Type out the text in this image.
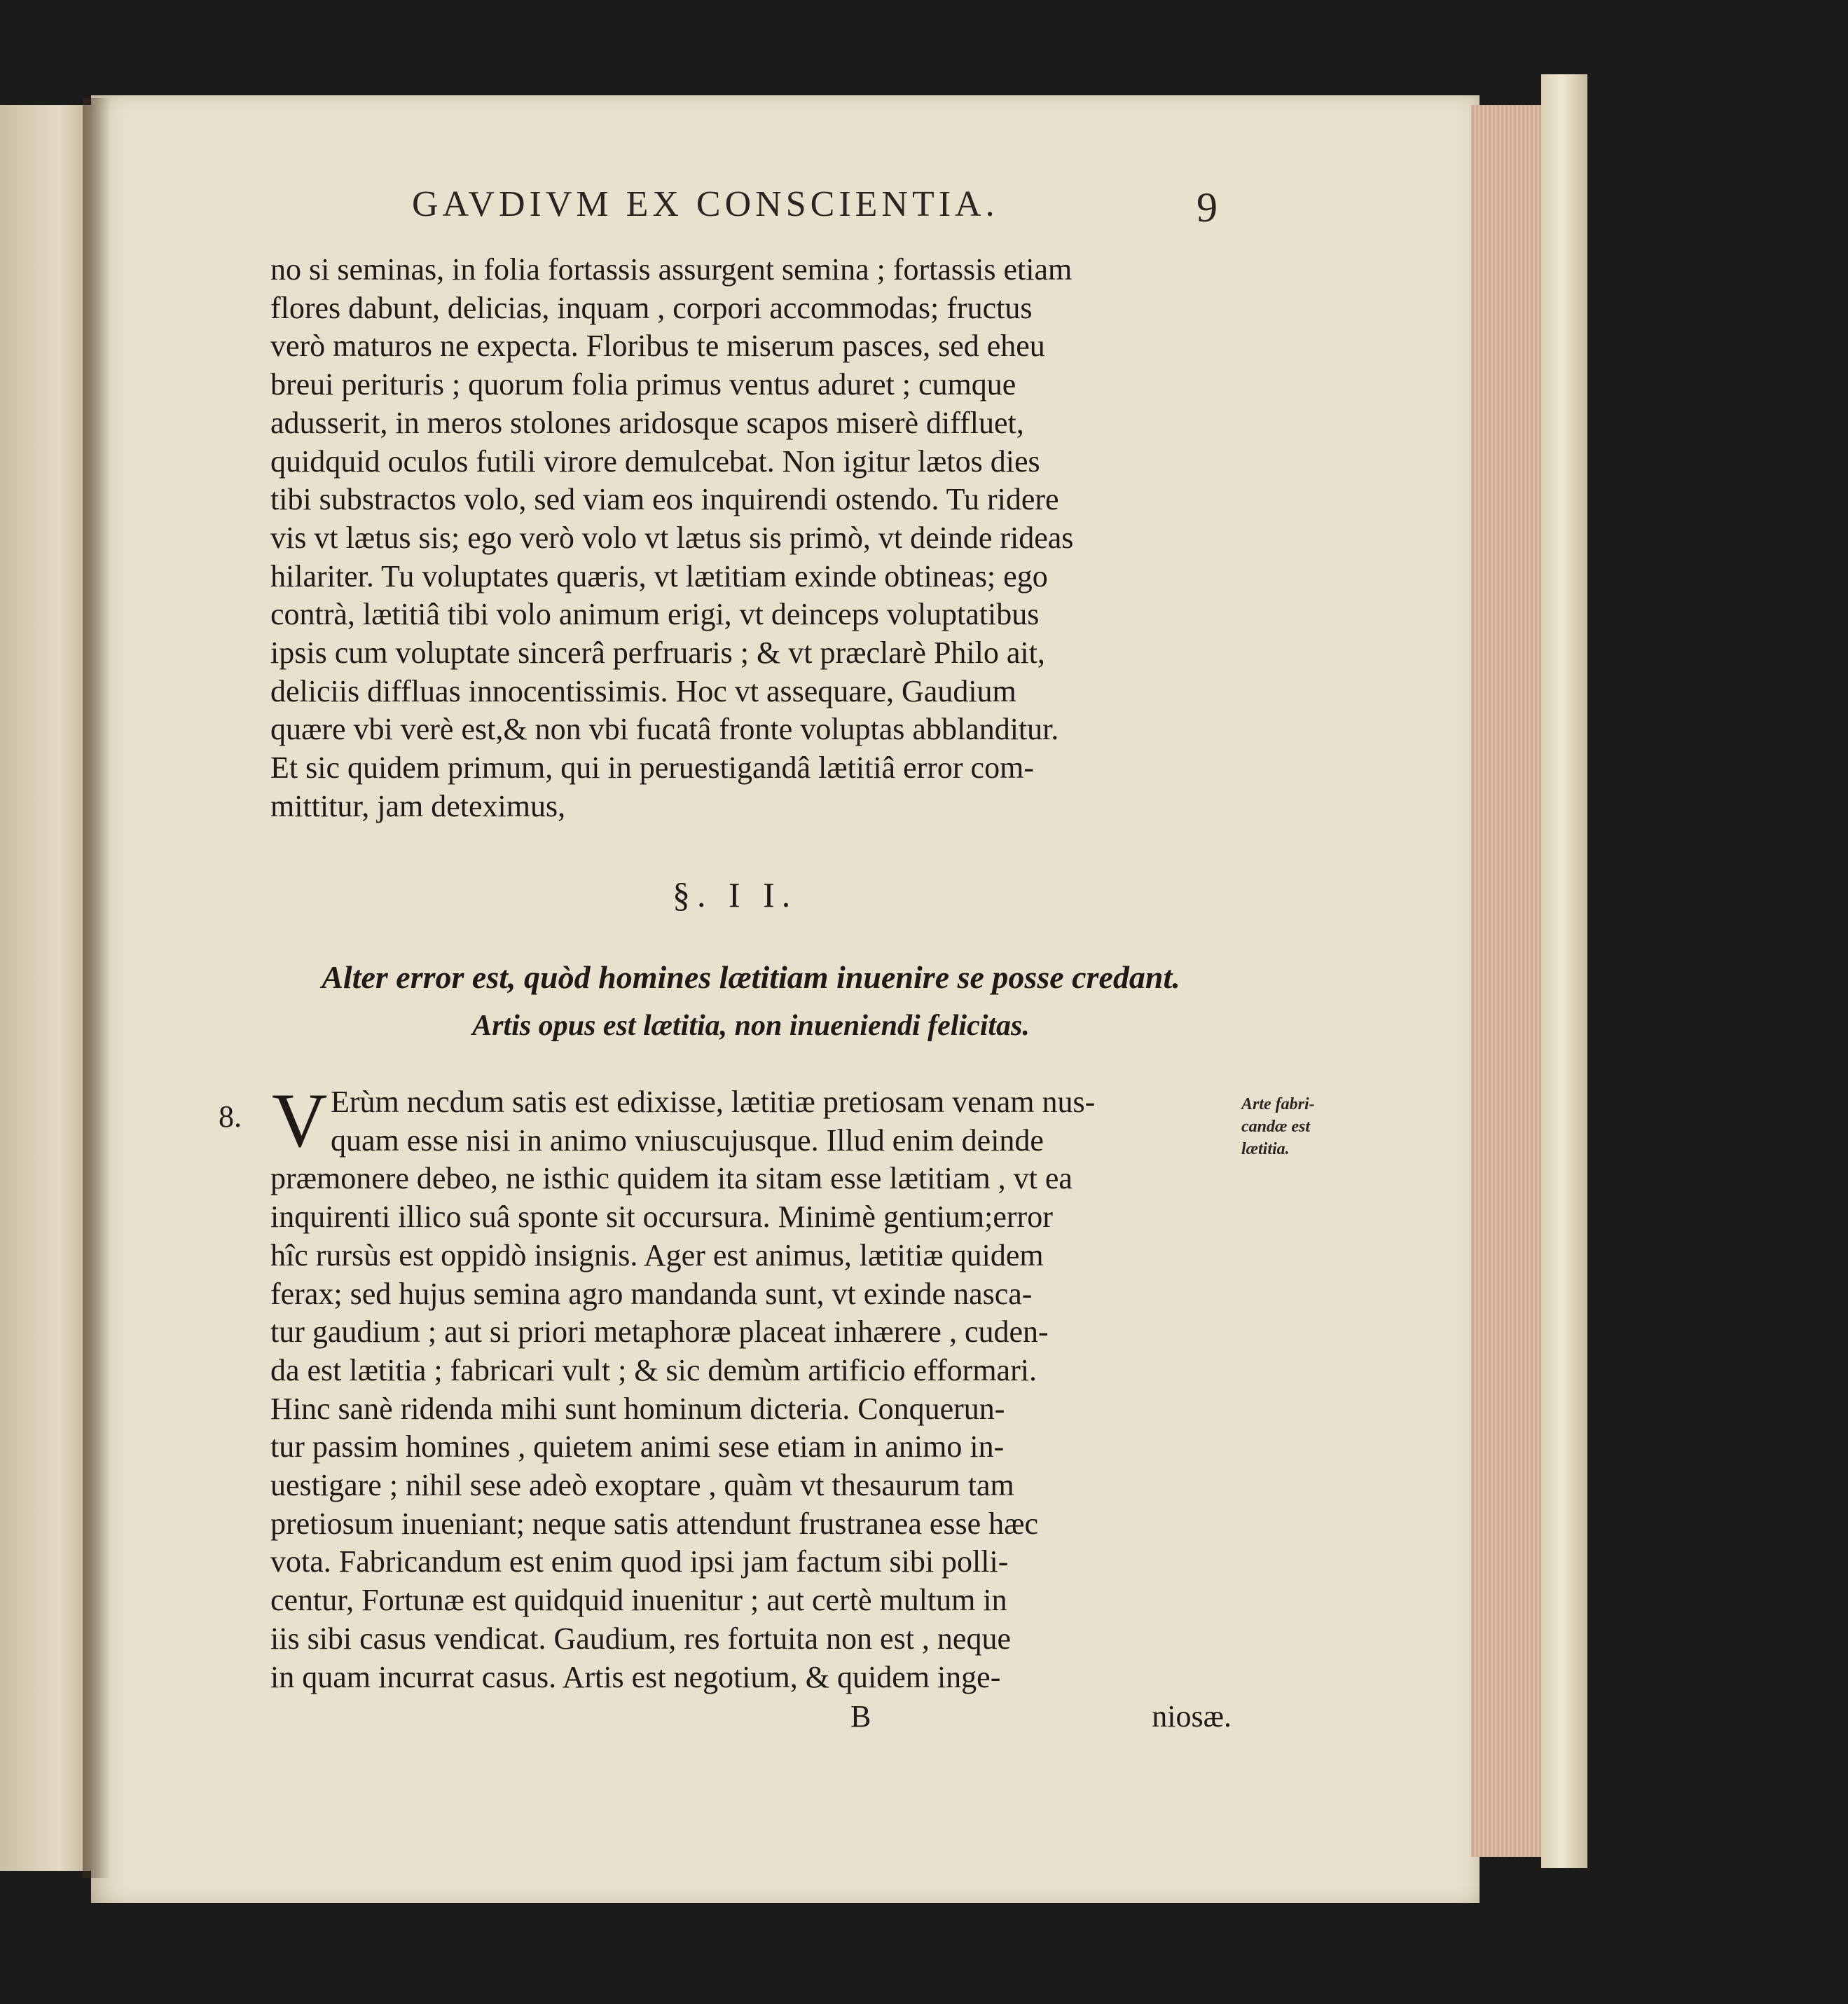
GAVDIVM EX CONSCIENTIA.	9
no si seminas, in folia fortassis assurgent semina ; fortassis etiam
flores dabunt, delicias, inquam , corpori accommodas; fructus
verò maturos ne expecta. Floribus te miserum pasces, sed eheu
breui perituris ; quorum folia primus ventus aduret ; cumque
adusserit, in meros stolones aridosque scapos miserè diffluet,
quidquid oculos futili virore demulcebat. Non igitur lætos dies
tibi substractos volo, sed viam eos inquirendi ostendo. Tu ridere
vis vt lætus sis; ego verò volo vt lætus sis primò, vt deinde rideas
hilariter. Tu voluptates quæris, vt lætitiam exinde obtineas; ego
contrà, lætitiâ tibi volo animum erigi, vt deinceps voluptatibus
ipsis cum voluptate sincerâ perfruaris ; & vt præclarè Philo ait,
deliciis diffluas innocentissimis. Hoc vt assequare, Gaudium
quære vbi verè est,& non vbi fucatâ fronte voluptas abblanditur.
Et sic quidem primum, qui in peruestigandâ lætitiâ error com-
mittitur, jam deteximus,
§. I I.
Alter error est, quòd homines lætitiam inuenire se posse credant.
Artis opus est lætitia, non inueniendi felicitas.
8. V Erùm necdum satis est edixisse, lætitiæ pretiosam venam nus-
quam esse nisi in animo vniuscujusque. Illud enim deinde
præmonere debeo, ne isthic quidem ita sitam esse lætitiam , vt ea
inquirenti illico suâ sponte sit occursura. Minimè gentium;error
hîc rursùs est oppidò insignis. Ager est animus, lætitiæ quidem
ferax; sed hujus semina agro mandanda sunt, vt exinde nasca-
tur gaudium ; aut si priori metaphoræ placeat inhærere , cuden-
da est lætitia ; fabricari vult ; & sic demùm artificio efformari.
Hinc sanè ridenda mihi sunt hominum dicteria. Conquerun-
tur passim homines , quietem animi sese etiam in animo in-
uestigare ; nihil sese adeò exoptare , quàm vt thesaurum tam
pretiosum inueniant; neque satis attendunt frustranea esse hæc
vota. Fabricandum est enim quod ipsi jam factum sibi polli-
centur, Fortunæ est quidquid inuenitur ; aut certè multum in
iis sibi casus vendicat. Gaudium, res fortuita non est , neque
in quam incurrat casus. Artis est negotium, & quidem inge-
Arte fabri-candæ est lætitia.
B	niosæ.
